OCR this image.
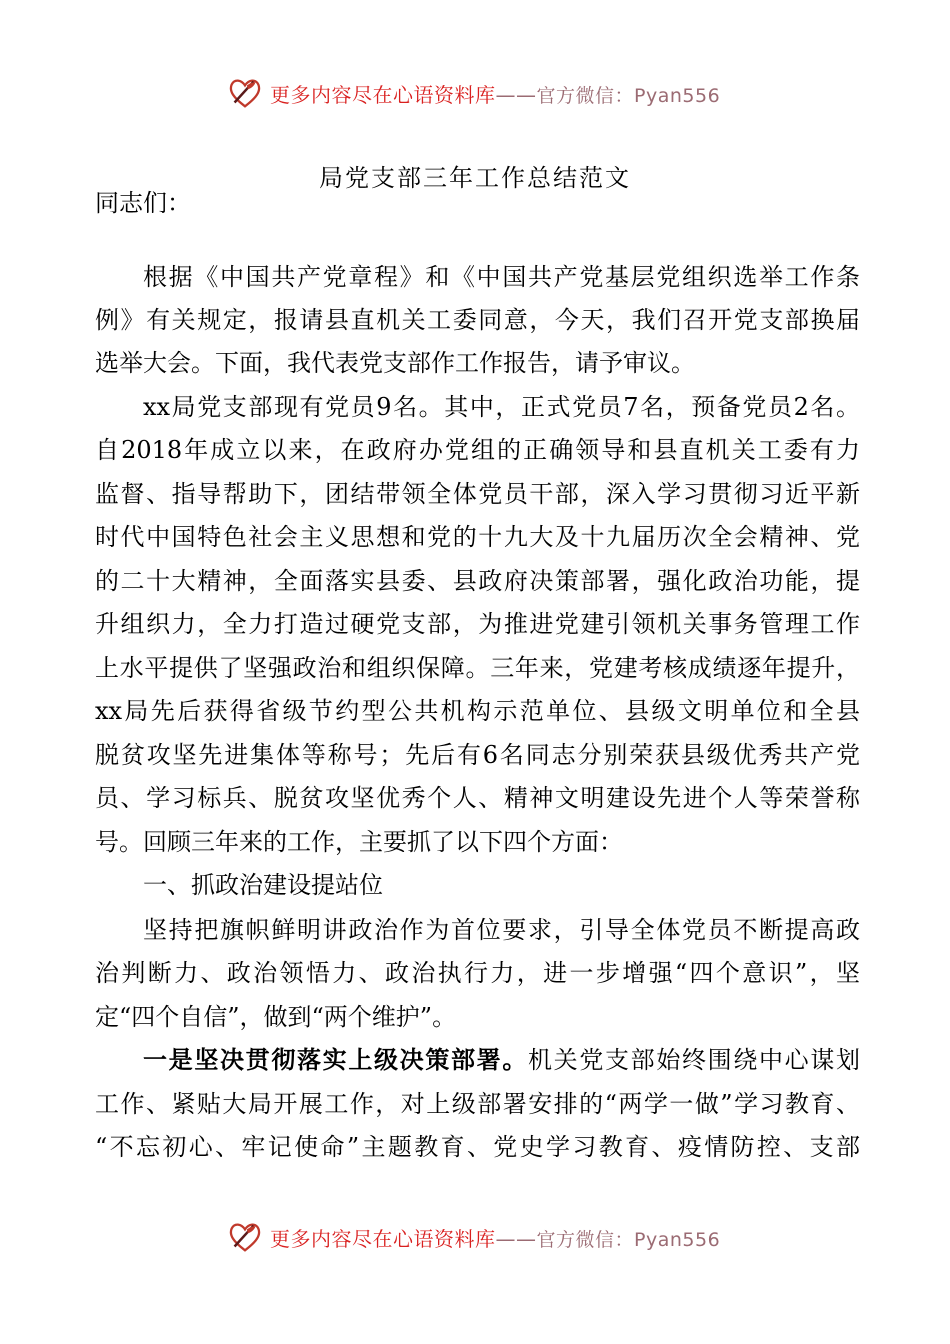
更多内容尽在心语资料库——官方微信：Pyan556
局党支部三年工作总结范文
同志们：
根据《中国共产党章程》和《中国共产党基层党组织选举工作条
例》有关规定，报请县直机关工委同意，今天，我们召开党支部换届
选举大会。下面，我代表党支部作工作报告，请予审议。
xx局党支部现有党员9名。其中，正式党员7名，预备党员2名。
自2018年成立以来，在政府办党组的正确领导和县直机关工委有力
监督、指导帮助下，团结带领全体党员干部，深入学习贯彻习近平新
时代中国特色社会主义思想和党的十九大及十九届历次全会精神、党
的二十大精神，全面落实县委、县政府决策部署，强化政治功能，提
升组织力，全力打造过硬党支部，为推进党建引领机关事务管理工作
上水平提供了坚强政治和组织保障。三年来，党建考核成绩逐年提升，
xx局先后获得省级节约型公共机构示范单位、县级文明单位和全县
脱贫攻坚先进集体等称号；先后有6名同志分别荣获县级优秀共产党
员、学习标兵、脱贫攻坚优秀个人、精神文明建设先进个人等荣誉称
号。回顾三年来的工作，主要抓了以下四个方面：
一、抓政治建设提站位
坚持把旗帜鲜明讲政治作为首位要求，引导全体党员不断提高政
治判断力、政治领悟力、政治执行力，进一步增强“四个意识”，坚
定“四个自信”，做到“两个维护”。
一是坚决贯彻落实上级决策部署。机关党支部始终围绕中心谋划
工作、紧贴大局开展工作，对上级部署安排的“两学一做”学习教育、
“不忘初心、牢记使命”主题教育、党史学习教育、疫情防控、支部
更多内容尽在心语资料库——官方微信：Pyan556
